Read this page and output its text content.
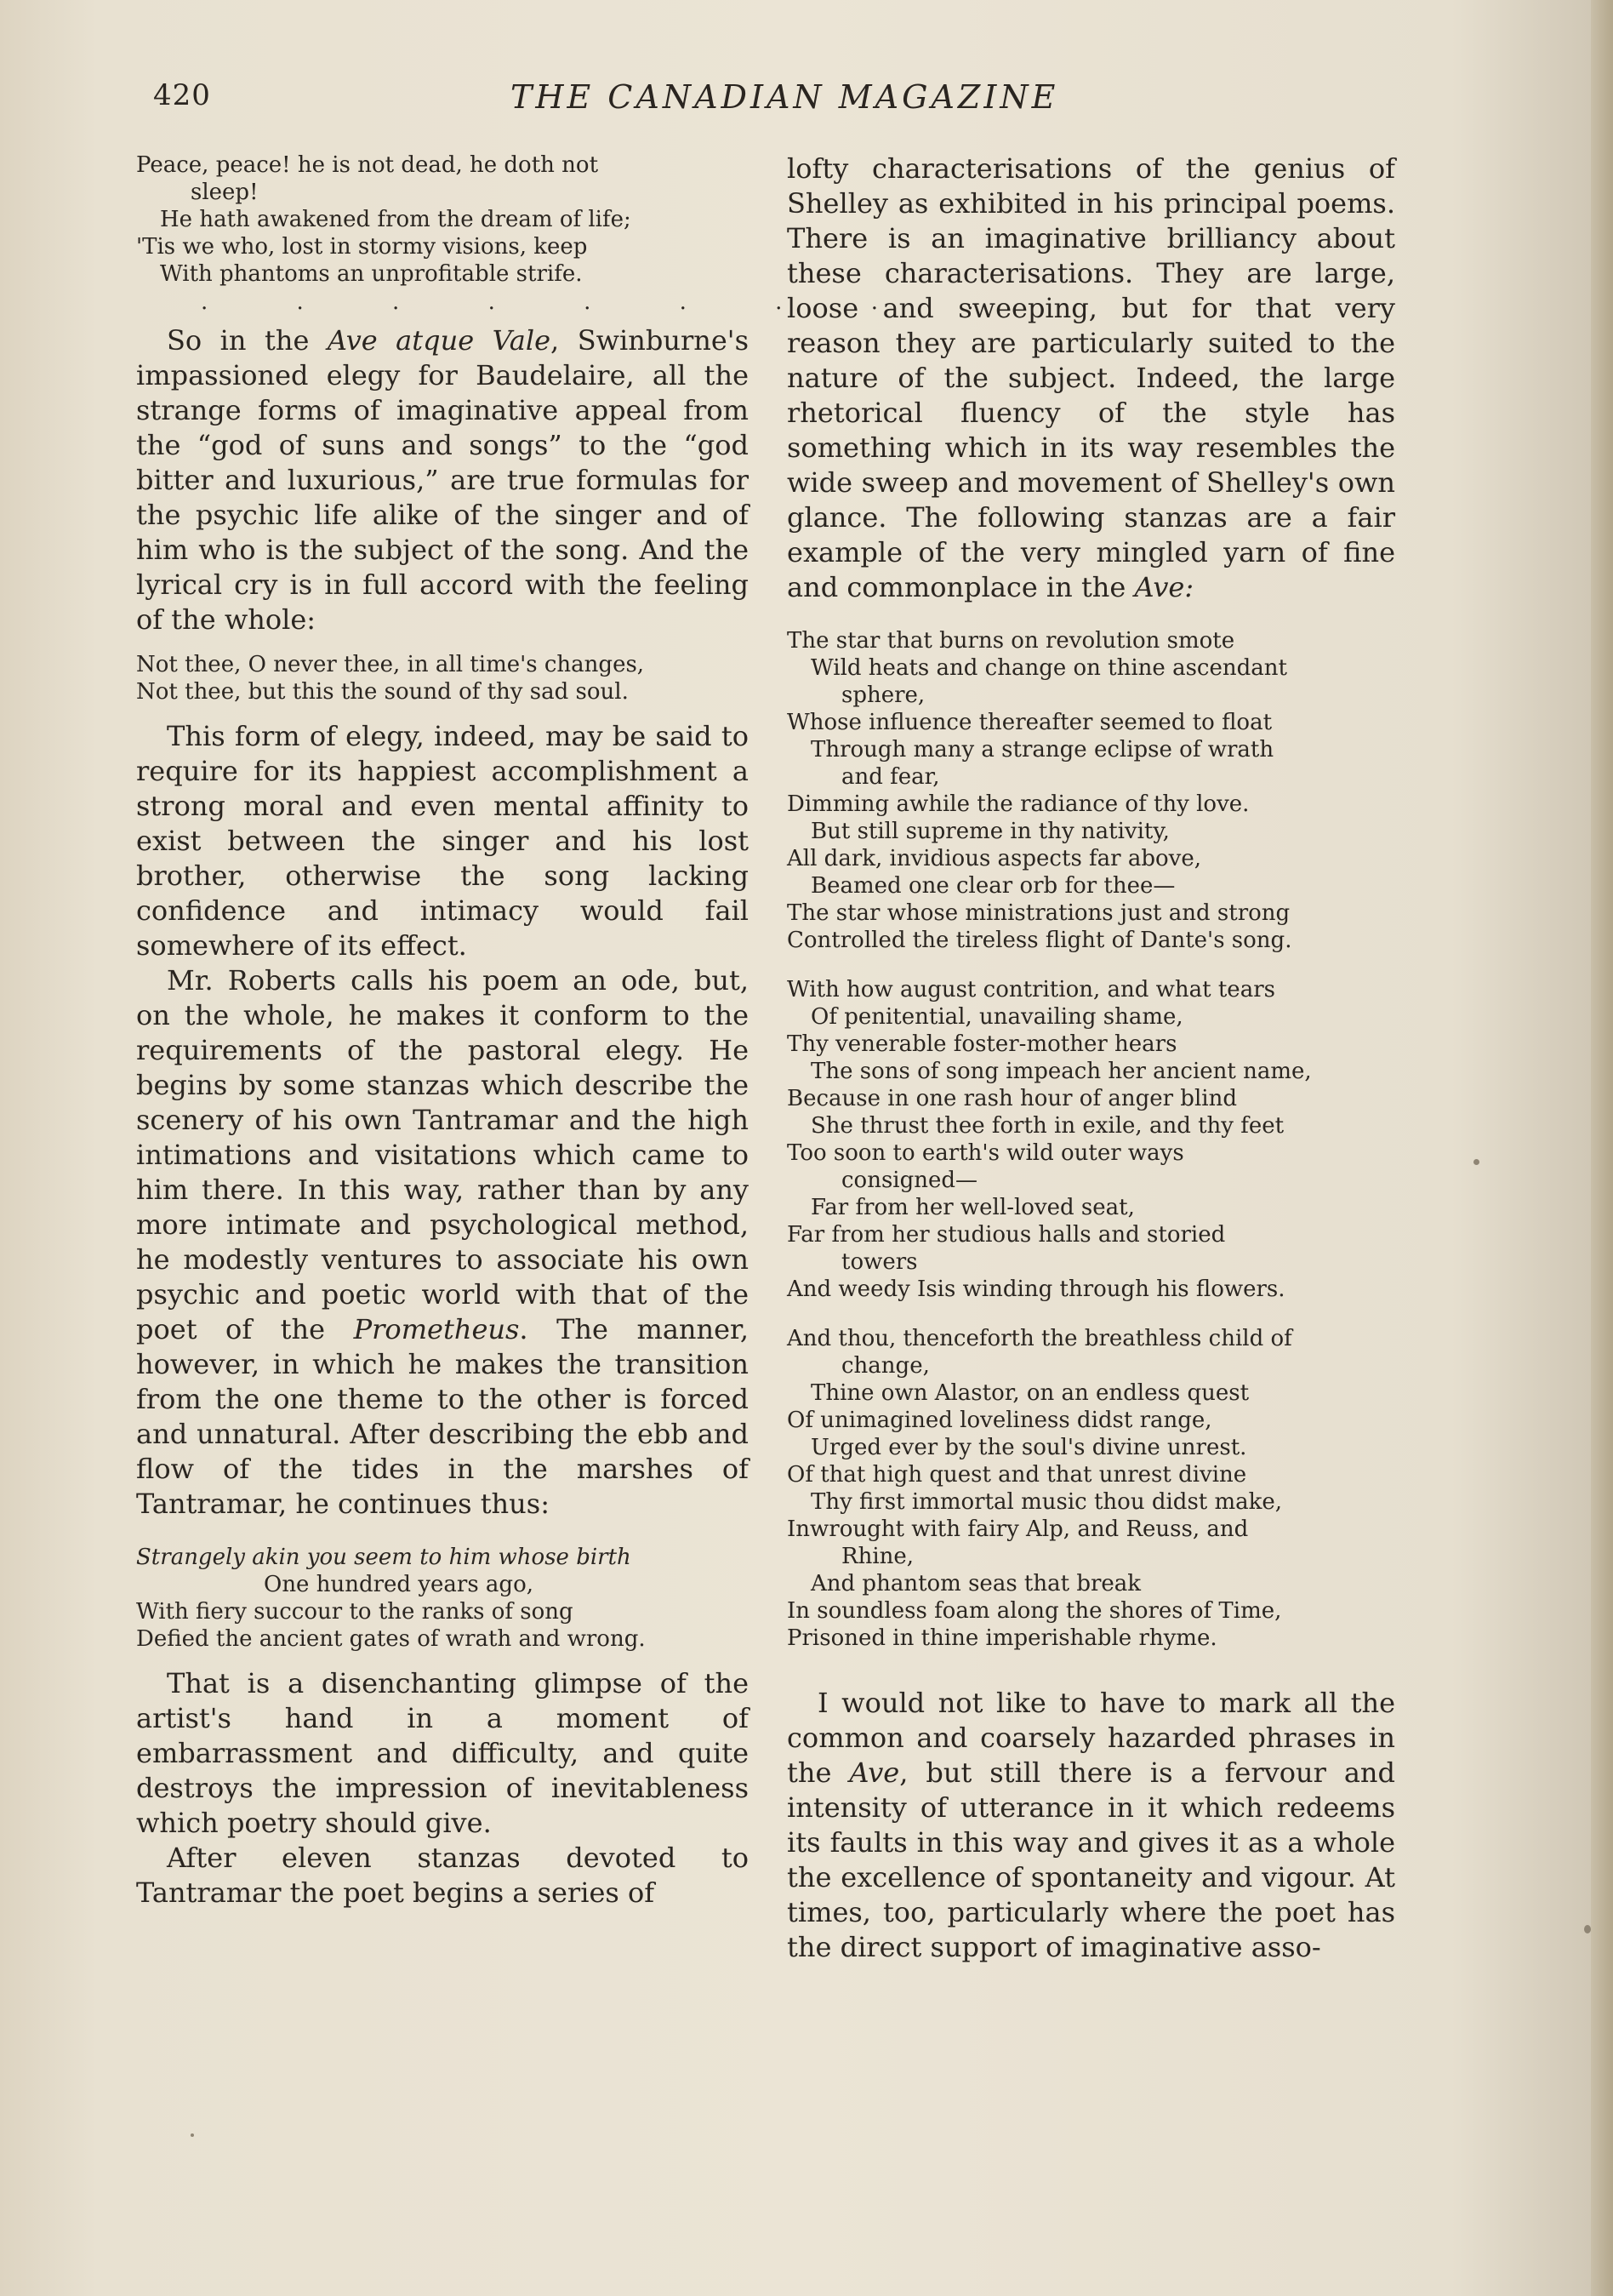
420	THE CANADIAN MAGAZINE
Peace, peace! he is not dead, he doth not
sleep!
He hath awakened from the dream of life;
'Tis we who, lost in stormy visions, keep
With phantoms an unprofitable strife.
. . . . . . . . .

So in the Ave atque Vale, Swinburne's impassioned elegy for Baudelaire, all the strange forms of imaginative appeal from the “god of suns and songs” to the “god bitter and luxurious,” are true formulas for the psychic life alike of the singer and of him who is the subject of the song. And the lyrical cry is in full accord with the feeling of the whole:

Not thee, O never thee, in all time's changes,
Not thee, but this the sound of thy sad soul.

This form of elegy, indeed, may be said to require for its happiest accomplishment a strong moral and even mental affinity to exist between the singer and his lost brother, otherwise the song lacking confidence and intimacy would fail somewhere of its effect.

Mr. Roberts calls his poem an ode, but, on the whole, he makes it conform to the requirements of the pastoral elegy. He begins by some stanzas which describe the scenery of his own Tantramar and the high intimations and visitations which came to him there. In this way, rather than by any more intimate and psychological method, he modestly ventures to associate his own psychic and poetic world with that of the poet of the Prometheus. The manner, however, in which he makes the transition from the one theme to the other is forced and unnatural. After describing the ebb and flow of the tides in the marshes of Tantramar, he continues thus:

Strangely akin you seem to him whose birth
One hundred years ago,
With fiery succour to the ranks of song
Defied the ancient gates of wrath and wrong.

That is a disenchanting glimpse of the artist's hand in a moment of embarrassment and difficulty, and quite destroys the impression of inevitableness which poetry should give.

After eleven stanzas devoted to Tantramar the poet begins a series of

lofty characterisations of the genius of Shelley as exhibited in his principal poems. There is an imaginative brilliancy about these characterisations. They are large, loose and sweeping, but for that very reason they are particularly suited to the nature of the subject. Indeed, the large rhetorical fluency of the style has something which in its way resembles the wide sweep and movement of Shelley's own glance. The following stanzas are a fair example of the very mingled yarn of fine and commonplace in the Ave:

The star that burns on revolution smote
Wild heats and change on thine ascendant
sphere,
Whose influence thereafter seemed to float
Through many a strange eclipse of wrath
and fear,
Dimming awhile the radiance of thy love.
But still supreme in thy nativity,
All dark, invidious aspects far above,
Beamed one clear orb for thee—
The star whose ministrations just and strong
Controlled the tireless flight of Dante's song.
With how august contrition, and what tears
Of penitential, unavailing shame,
Thy venerable foster-mother hears
The sons of song impeach her ancient name,
Because in one rash hour of anger blind
She thrust thee forth in exile, and thy feet
Too soon to earth's wild outer ways
consigned—
Far from her well-loved seat,
Far from her studious halls and storied
towers
And weedy Isis winding through his flowers.
And thou, thenceforth the breathless child of
change,
Thine own Alastor, on an endless quest
Of unimagined loveliness didst range,
Urged ever by the soul's divine unrest.
Of that high quest and that unrest divine
Thy first immortal music thou didst make,
Inwrought with fairy Alp, and Reuss, and
Rhine,
And phantom seas that break
In soundless foam along the shores of Time,
Prisoned in thine imperishable rhyme.

I would not like to have to mark all the common and coarsely hazarded phrases in the Ave, but still there is a fervour and intensity of utterance in it which redeems its faults in this way and gives it as a whole the excellence of spontaneity and vigour. At times, too, particularly where the poet has the direct support of imaginative asso-
